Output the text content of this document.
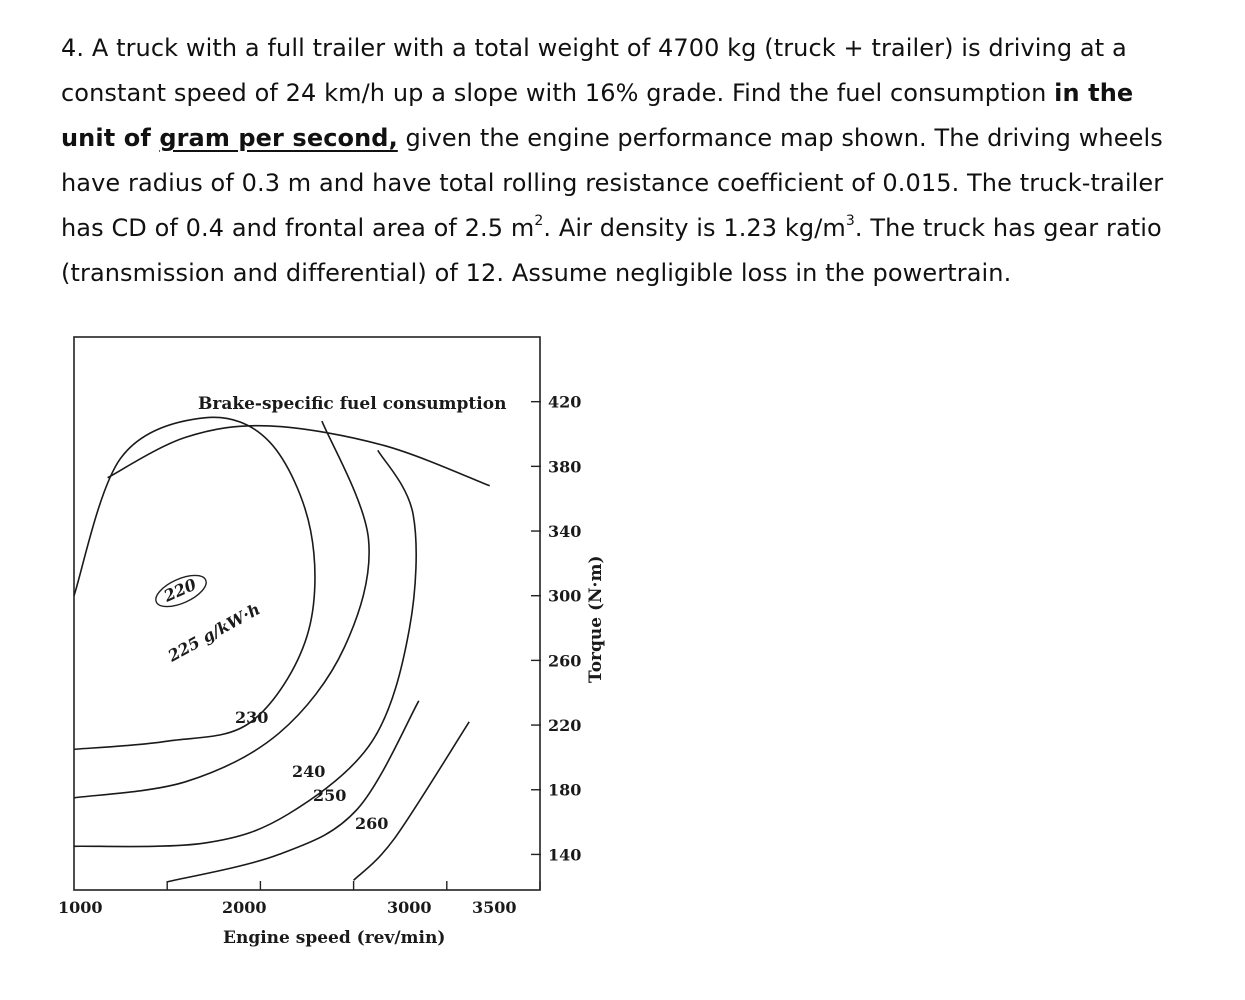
4. A truck with a full trailer with a total weight of 4700 kg (truck + trailer) is driving at a
constant speed of 24 km/h up a slope with 16% grade. Find the fuel consumption in the
unit of gram per second, given the engine performance map shown. The driving wheels
have radius of 0.3 m and have total rolling resistance coefficient of 0.015. The truck-trailer
has CD of 0.4 and frontal area of 2.5 $m^2$. Air density is 1.23 $kg/m^3$. The truck has gear ratio
(transmission and differential) of 12. Assume negligible loss in the powertrain.
1000	2000	3000	3500
420
380
340
300
260
220
180
140
Brake-specific fuel consumption
Engine speed (rev/min)
Torque (N·m)
220
225 g/kW·h
230
240
250
260
